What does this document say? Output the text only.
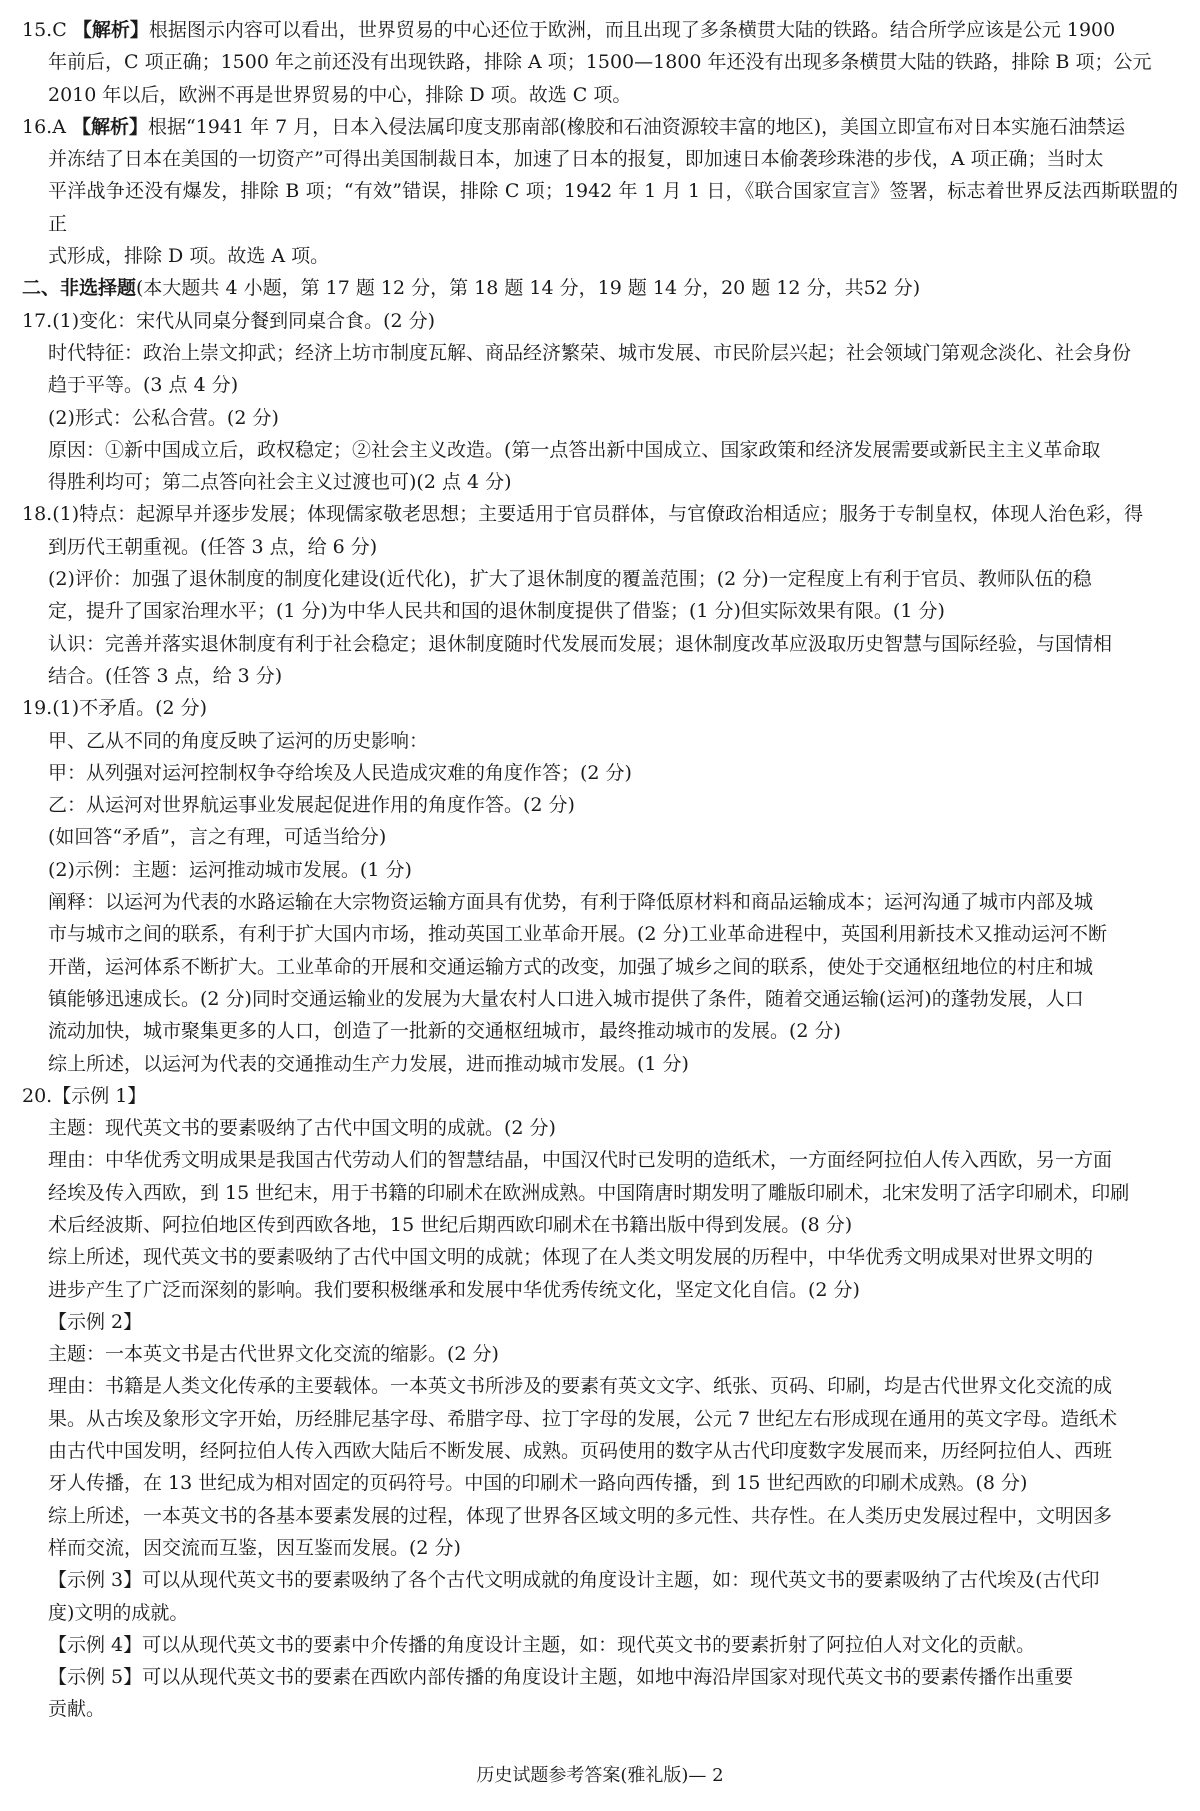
15.C 【解析】根据图示内容可以看出，世界贸易的中心还位于欧洲，而且出现了多条横贯大陆的铁路。结合所学应该是公元 1900

年前后，C 项正确；1500 年之前还没有出现铁路，排除 A 项；1500—1800 年还没有出现多条横贯大陆的铁路，排除 B 项；公元

2010 年以后，欧洲不再是世界贸易的中心，排除 D 项。故选 C 项。

16.A 【解析】根据“1941 年 7 月，日本入侵法属印度支那南部(橡胶和石油资源较丰富的地区)，美国立即宣布对日本实施石油禁运

并冻结了日本在美国的一切资产”可得出美国制裁日本，加速了日本的报复，即加速日本偷袭珍珠港的步伐，A 项正确；当时太

平洋战争还没有爆发，排除 B 项；“有效”错误，排除 C 项；1942 年 1 月 1 日，《联合国家宣言》签署，标志着世界反法西斯联盟的正

式形成，排除 D 项。故选 A 项。

二、非选择题(本大题共 4 小题，第 17 题 12 分，第 18 题 14 分，19 题 14 分，20 题 12 分，共52 分)

17.(1)变化：宋代从同桌分餐到同桌合食。(2 分)

时代特征：政治上崇文抑武；经济上坊市制度瓦解、商品经济繁荣、城市发展、市民阶层兴起；社会领域门第观念淡化、社会身份

趋于平等。(3 点 4 分)

(2)形式：公私合营。(2 分)

原因：①新中国成立后，政权稳定；②社会主义改造。(第一点答出新中国成立、国家政策和经济发展需要或新民主主义革命取

得胜利均可；第二点答向社会主义过渡也可)(2 点 4 分)

18.(1)特点：起源早并逐步发展；体现儒家敬老思想；主要适用于官员群体，与官僚政治相适应；服务于专制皇权，体现人治色彩，得

到历代王朝重视。(任答 3 点，给 6 分)

(2)评价：加强了退休制度的制度化建设(近代化)，扩大了退休制度的覆盖范围；(2 分)一定程度上有利于官员、教师队伍的稳

定，提升了国家治理水平；(1 分)为中华人民共和国的退休制度提供了借鉴；(1 分)但实际效果有限。(1 分)

认识：完善并落实退休制度有利于社会稳定；退休制度随时代发展而发展；退休制度改革应汲取历史智慧与国际经验，与国情相

结合。(任答 3 点，给 3 分)

19.(1)不矛盾。(2 分)

甲、乙从不同的角度反映了运河的历史影响：

甲：从列强对运河控制权争夺给埃及人民造成灾难的角度作答；(2 分)

乙：从运河对世界航运事业发展起促进作用的角度作答。(2 分)

(如回答“矛盾”，言之有理，可适当给分)

(2)示例：主题：运河推动城市发展。(1 分)

阐释：以运河为代表的水路运输在大宗物资运输方面具有优势，有利于降低原材料和商品运输成本；运河沟通了城市内部及城

市与城市之间的联系，有利于扩大国内市场，推动英国工业革命开展。(2 分)工业革命进程中，英国利用新技术又推动运河不断

开凿，运河体系不断扩大。工业革命的开展和交通运输方式的改变，加强了城乡之间的联系，使处于交通枢纽地位的村庄和城

镇能够迅速成长。(2 分)同时交通运输业的发展为大量农村人口进入城市提供了条件，随着交通运输(运河)的蓬勃发展，人口

流动加快，城市聚集更多的人口，创造了一批新的交通枢纽城市，最终推动城市的发展。(2 分)

综上所述，以运河为代表的交通推动生产力发展，进而推动城市发展。(1 分)

20.【示例 1】

主题：现代英文书的要素吸纳了古代中国文明的成就。(2 分)

理由：中华优秀文明成果是我国古代劳动人们的智慧结晶，中国汉代时已发明的造纸术，一方面经阿拉伯人传入西欧，另一方面

经埃及传入西欧，到 15 世纪末，用于书籍的印刷术在欧洲成熟。中国隋唐时期发明了雕版印刷术，北宋发明了活字印刷术，印刷

术后经波斯、阿拉伯地区传到西欧各地，15 世纪后期西欧印刷术在书籍出版中得到发展。(8 分)

综上所述，现代英文书的要素吸纳了古代中国文明的成就；体现了在人类文明发展的历程中，中华优秀文明成果对世界文明的

进步产生了广泛而深刻的影响。我们要积极继承和发展中华优秀传统文化，坚定文化自信。(2 分)

【示例 2】

主题：一本英文书是古代世界文化交流的缩影。(2 分)

理由：书籍是人类文化传承的主要载体。一本英文书所涉及的要素有英文文字、纸张、页码、印刷，均是古代世界文化交流的成

果。从古埃及象形文字开始，历经腓尼基字母、希腊字母、拉丁字母的发展，公元 7 世纪左右形成现在通用的英文字母。造纸术

由古代中国发明，经阿拉伯人传入西欧大陆后不断发展、成熟。页码使用的数字从古代印度数字发展而来，历经阿拉伯人、西班

牙人传播，在 13 世纪成为相对固定的页码符号。中国的印刷术一路向西传播，到 15 世纪西欧的印刷术成熟。(8 分)

综上所述，一本英文书的各基本要素发展的过程，体现了世界各区域文明的多元性、共存性。在人类历史发展过程中，文明因多

样而交流，因交流而互鉴，因互鉴而发展。(2 分)

【示例 3】可以从现代英文书的要素吸纳了各个古代文明成就的角度设计主题，如：现代英文书的要素吸纳了古代埃及(古代印

度)文明的成就。

【示例 4】可以从现代英文书的要素中介传播的角度设计主题，如：现代英文书的要素折射了阿拉伯人对文化的贡献。

【示例 5】可以从现代英文书的要素在西欧内部传播的角度设计主题，如地中海沿岸国家对现代英文书的要素传播作出重要

贡献。

历史试题参考答案(雅礼版)— 2
